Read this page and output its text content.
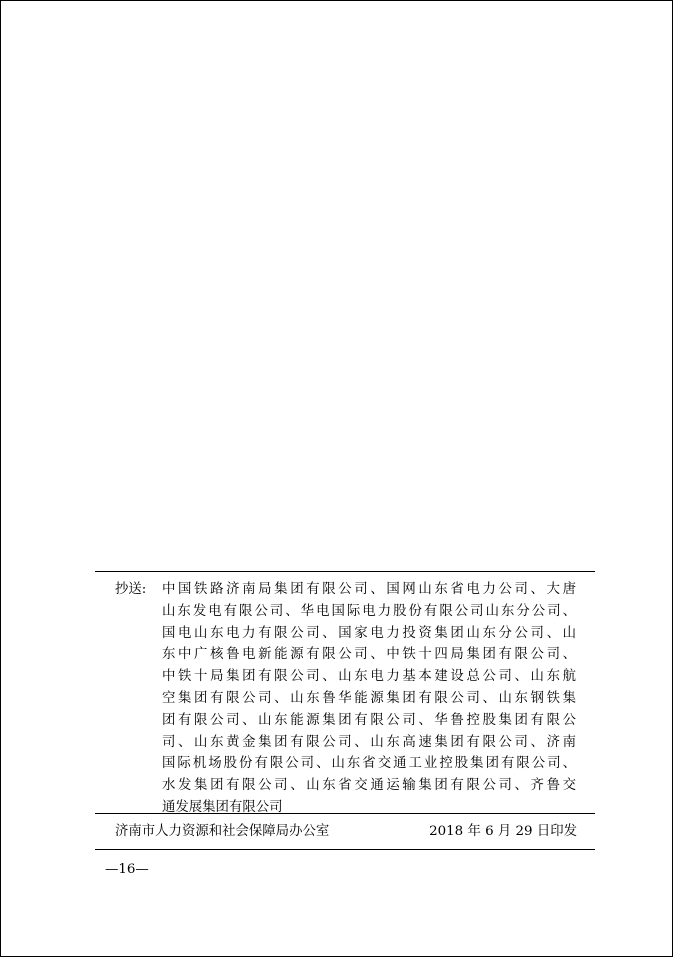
抄送: 中国铁路济南局集团有限公司、国网山东省电力公司、大唐
山东发电有限公司、华电国际电力股份有限公司山东分公司、
国电山东电力有限公司、国家电力投资集团山东分公司、山
东中广核鲁电新能源有限公司、中铁十四局集团有限公司、
中铁十局集团有限公司、山东电力基本建设总公司、山东航
空集团有限公司、山东鲁华能源集团有限公司、山东钢铁集
团有限公司、山东能源集团有限公司、华鲁控股集团有限公
司、山东黄金集团有限公司、山东高速集团有限公司、济南
国际机场股份有限公司、山东省交通工业控股集团有限公司、
水发集团有限公司、山东省交通运输集团有限公司、齐鲁交
通发展集团有限公司
济南市人力资源和社会保障局办公室	2018 年 6 月 29 日印发
—16—
